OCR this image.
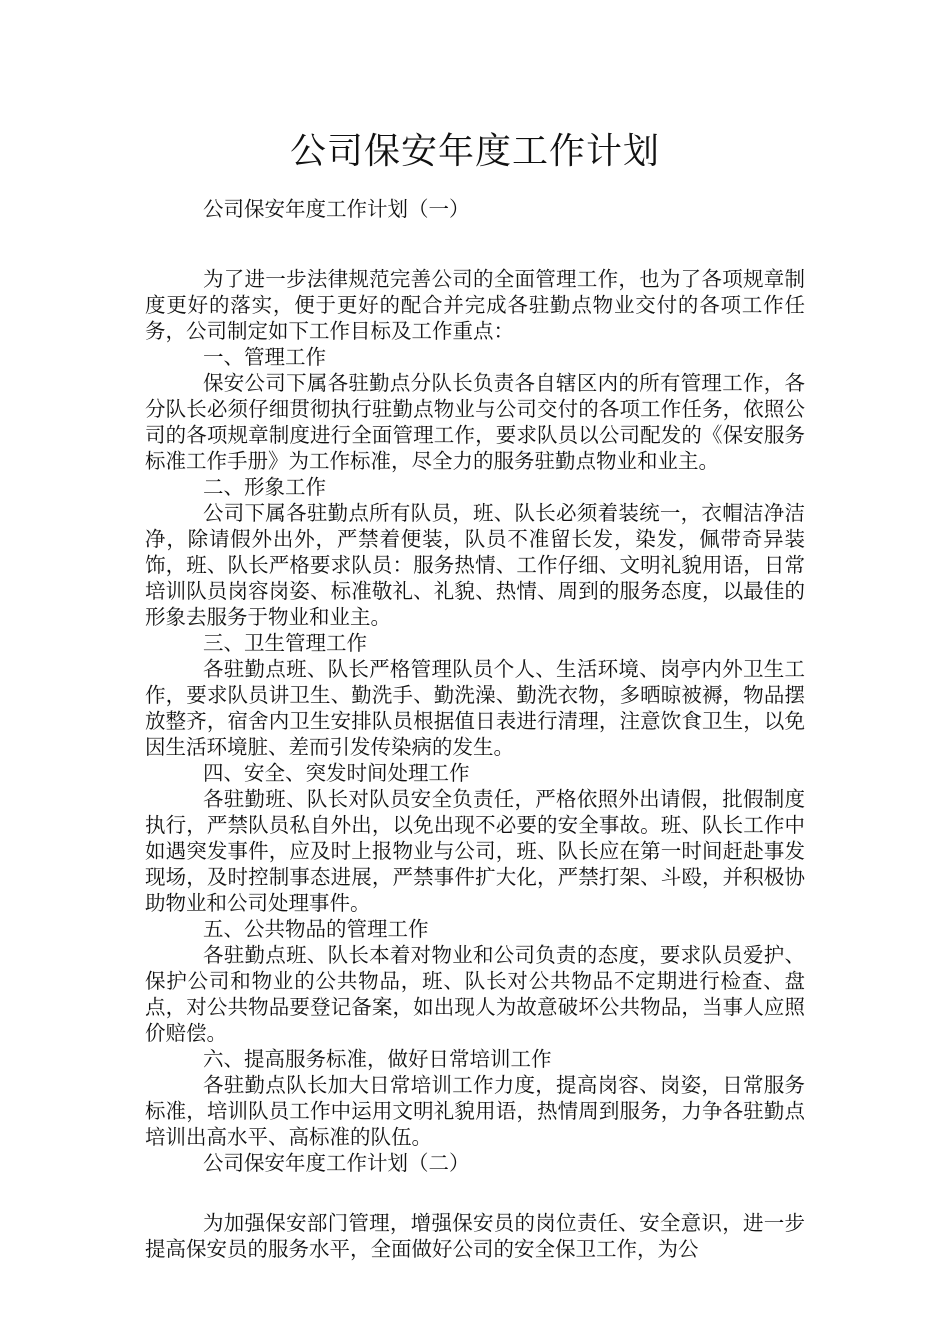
公司保安年度工作计划

公司保安年度工作计划（一）

为了进一步法律规范完善公司的全面管理工作，也为了各项规章制度更好的落实，便于更好的配合并完成各驻勤点物业交付的各项工作任务，公司制定如下工作目标及工作重点：

一、管理工作

保安公司下属各驻勤点分队长负责各自辖区内的所有管理工作，各分队长必须仔细贯彻执行驻勤点物业与公司交付的各项工作任务，依照公司的各项规章制度进行全面管理工作，要求队员以公司配发的《保安服务标准工作手册》为工作标准，尽全力的服务驻勤点物业和业主。

二、形象工作

公司下属各驻勤点所有队员，班、队长必须着装统一，衣帽洁净洁净，除请假外出外，严禁着便装，队员不准留长发，染发，佩带奇异装饰，班、队长严格要求队员：服务热情、工作仔细、文明礼貌用语，日常培训队员岗容岗姿、标准敬礼、礼貌、热情、周到的服务态度，以最佳的形象去服务于物业和业主。

三、卫生管理工作

各驻勤点班、队长严格管理队员个人、生活环境、岗亭内外卫生工作，要求队员讲卫生、勤洗手、勤洗澡、勤洗衣物，多晒晾被褥，物品摆放整齐，宿舍内卫生安排队员根据值日表进行清理，注意饮食卫生，以免因生活环境脏、差而引发传染病的发生。

四、安全、突发时间处理工作

各驻勤班、队长对队员安全负责任，严格依照外出请假，批假制度执行，严禁队员私自外出，以免出现不必要的安全事故。班、队长工作中如遇突发事件，应及时上报物业与公司，班、队长应在第一时间赶赴事发现场，及时控制事态进展，严禁事件扩大化，严禁打架、斗殴，并积极协助物业和公司处理事件。

五、公共物品的管理工作

各驻勤点班、队长本着对物业和公司负责的态度，要求队员爱护、保护公司和物业的公共物品，班、队长对公共物品不定期进行检查、盘点，对公共物品要登记备案，如出现人为故意破坏公共物品，当事人应照价赔偿。

六、提高服务标准，做好日常培训工作

各驻勤点队长加大日常培训工作力度，提高岗容、岗姿，日常服务标准，培训队员工作中运用文明礼貌用语，热情周到服务，力争各驻勤点培训出高水平、高标准的队伍。

公司保安年度工作计划（二）

为加强保安部门管理，增强保安员的岗位责任、安全意识，进一步提高保安员的服务水平，全面做好公司的安全保卫工作，为公
